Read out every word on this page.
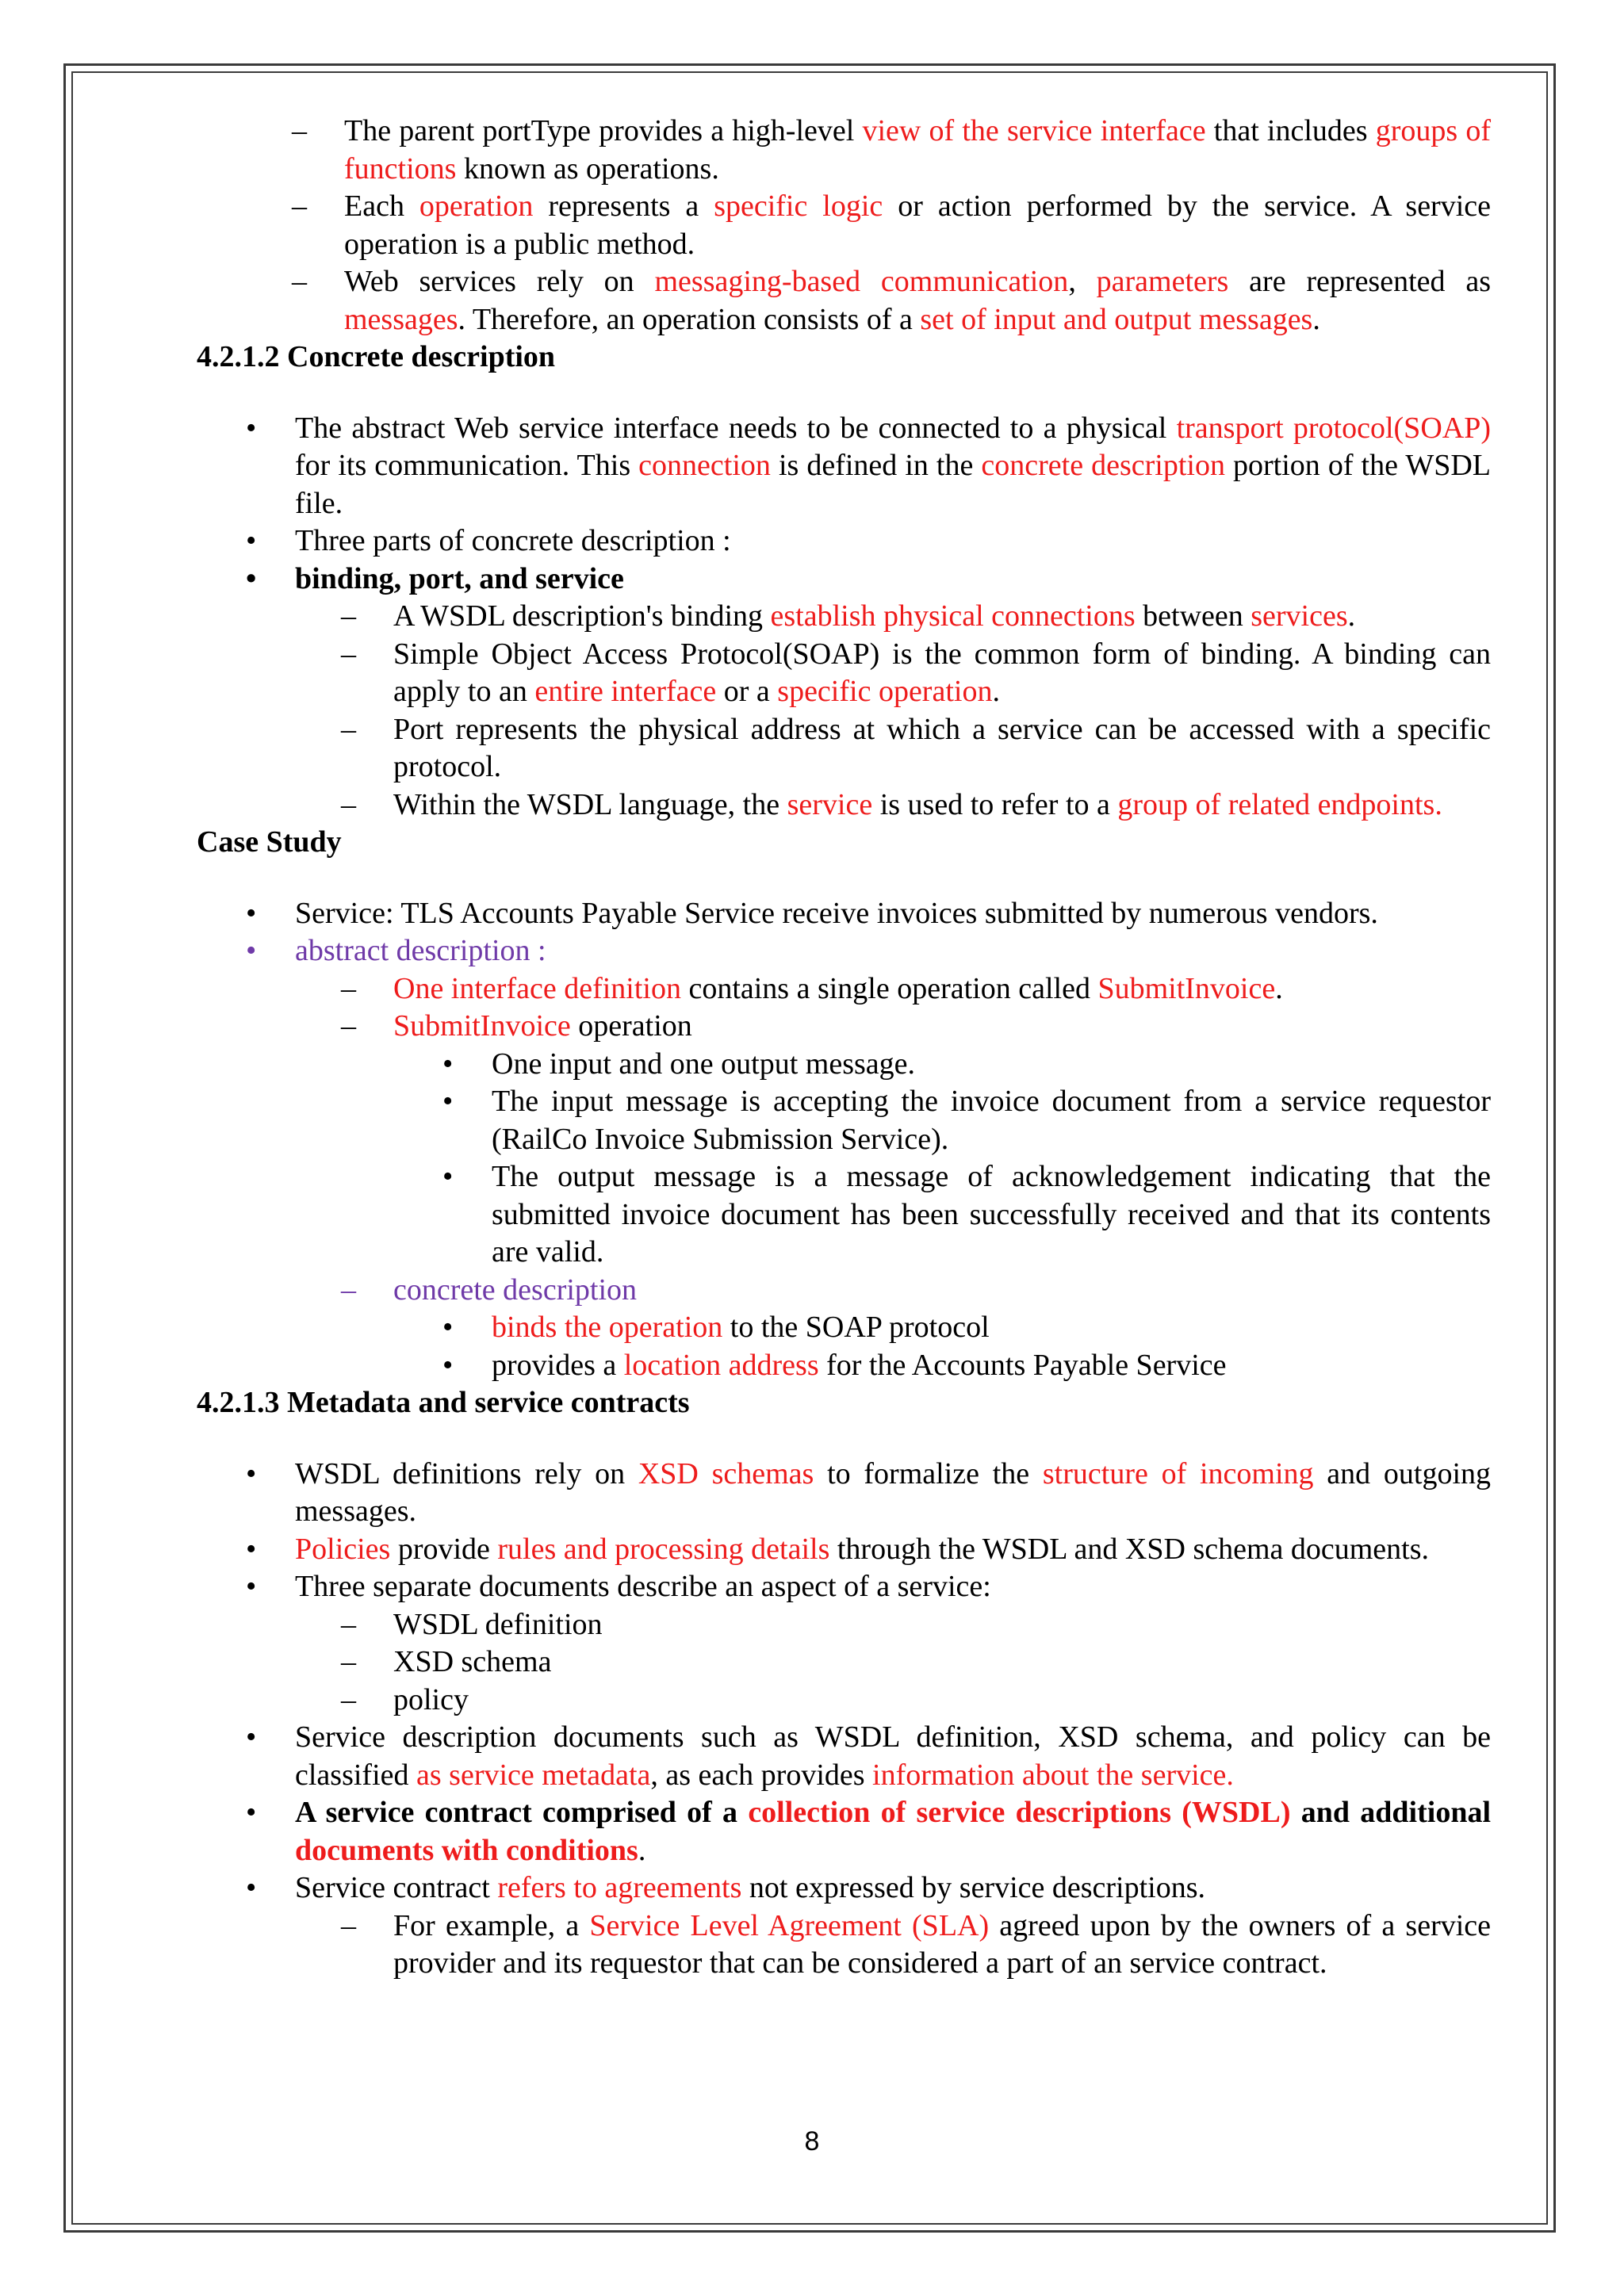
– The parent portType provides a high-level view of the service interface that includes groups of functions known as operations.
– Each operation represents a specific logic or action performed by the service. A service operation is a public method.
– Web services rely on messaging-based communication, parameters are represented as messages. Therefore, an operation consists of a set of input and output messages.

4.2.1.2 Concrete description

• The abstract Web service interface needs to be connected to a physical transport protocol(SOAP) for its communication. This connection is defined in the concrete description portion of the WSDL file.
• Three parts of concrete description :
• binding, port, and service
– A WSDL description's binding establish physical connections between services.
– Simple Object Access Protocol(SOAP) is the common form of binding. A binding can apply to an entire interface or a specific operation.
– Port represents the physical address at which a service can be accessed with a specific protocol.
– Within the WSDL language, the service is used to refer to a group of related endpoints.

Case Study

• Service: TLS Accounts Payable Service receive invoices submitted by numerous vendors.
• abstract description :
– One interface definition contains a single operation called SubmitInvoice.
– SubmitInvoice operation
• One input and one output message.
• The input message is accepting the invoice document from a service requestor (RailCo Invoice Submission Service).
• The output message is a message of acknowledgement indicating that the submitted invoice document has been successfully received and that its contents are valid.
– concrete description
• binds the operation to the SOAP protocol
• provides a location address for the Accounts Payable Service

4.2.1.3 Metadata and service contracts

• WSDL definitions rely on XSD schemas to formalize the structure of incoming and outgoing messages.
• Policies provide rules and processing details through the WSDL and XSD schema documents.
• Three separate documents describe an aspect of a service:
– WSDL definition
– XSD schema
– policy
• Service description documents such as WSDL definition, XSD schema, and policy can be classified as service metadata, as each provides information about the service.
• A service contract comprised of a collection of service descriptions (WSDL) and additional documents with conditions.
• Service contract refers to agreements not expressed by service descriptions.
– For example, a Service Level Agreement (SLA) agreed upon by the owners of a service provider and its requestor that can be considered a part of an service contract.
8
